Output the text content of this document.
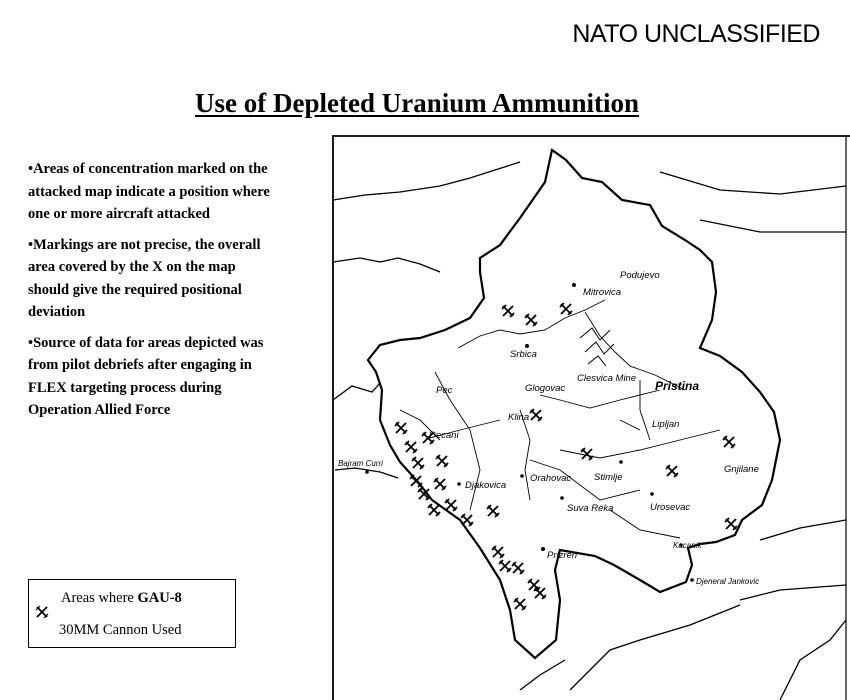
NATO UNCLASSIFIED
Use of Depleted Uranium Ammunition

•Areas of concentration marked on the attacked map indicate a position where one or more aircraft attacked

•Markings are not precise, the overall area covered by the X on the map should give the required positional deviation

•Source of data for areas depicted was from pilot debriefs after engaging in FLEX targeting process during Operation Allied Force

Podujevo
Mitrovica
Srbica
Clesvica Mine
Pristina
Glogovac
Pec
Klina
Decani
Lipljan
Gnjilane
Bajram Curri
Djakovica
Orahovac Stimlje
Suva Reka	Urosevac
Kacanik
Prizren
Djeneral Jankovic
Areas where GAU-8
30MM Cannon Used
